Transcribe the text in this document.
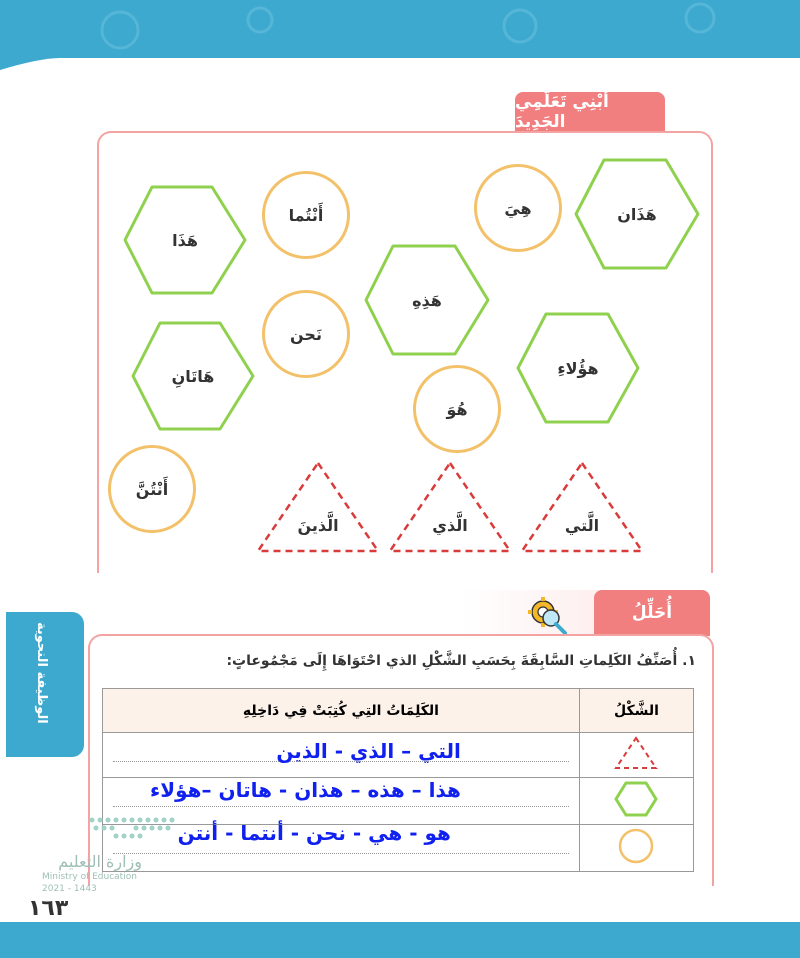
أَبْنِي تَعَلُّمِي الجَدِيدَ
هَذَا
هَاتَانِ
هَذِهِ
هؤُلاءِ
هَذَان
أَنْتُما
نَحن
هِيَ
هُوَ
أَنْتُنَّ
الَّذينَ	الَّذي	الَّتي
أُحَلِّلُ
الوظيفة النحوية	١. أُصَنِّفُ الكَلِماتِ السَّابِقَةَ بِحَسَبِ الشَّكْلِ الذي احْتَوَاهَا إِلَى مَجْمُوعاتٍ:
الكَلِمَاتُ التِي كُتِبَتْ فِي دَاخِلِهِ	الشَّكْلُ

التي – الذي - الذين

هذا – هذه – هذان - هاتان –هؤلاء

هو - هي - نحن - أنتما - أنتن

وزارة التعليم
Ministry of Education
2021 - 1443
١٦٣
